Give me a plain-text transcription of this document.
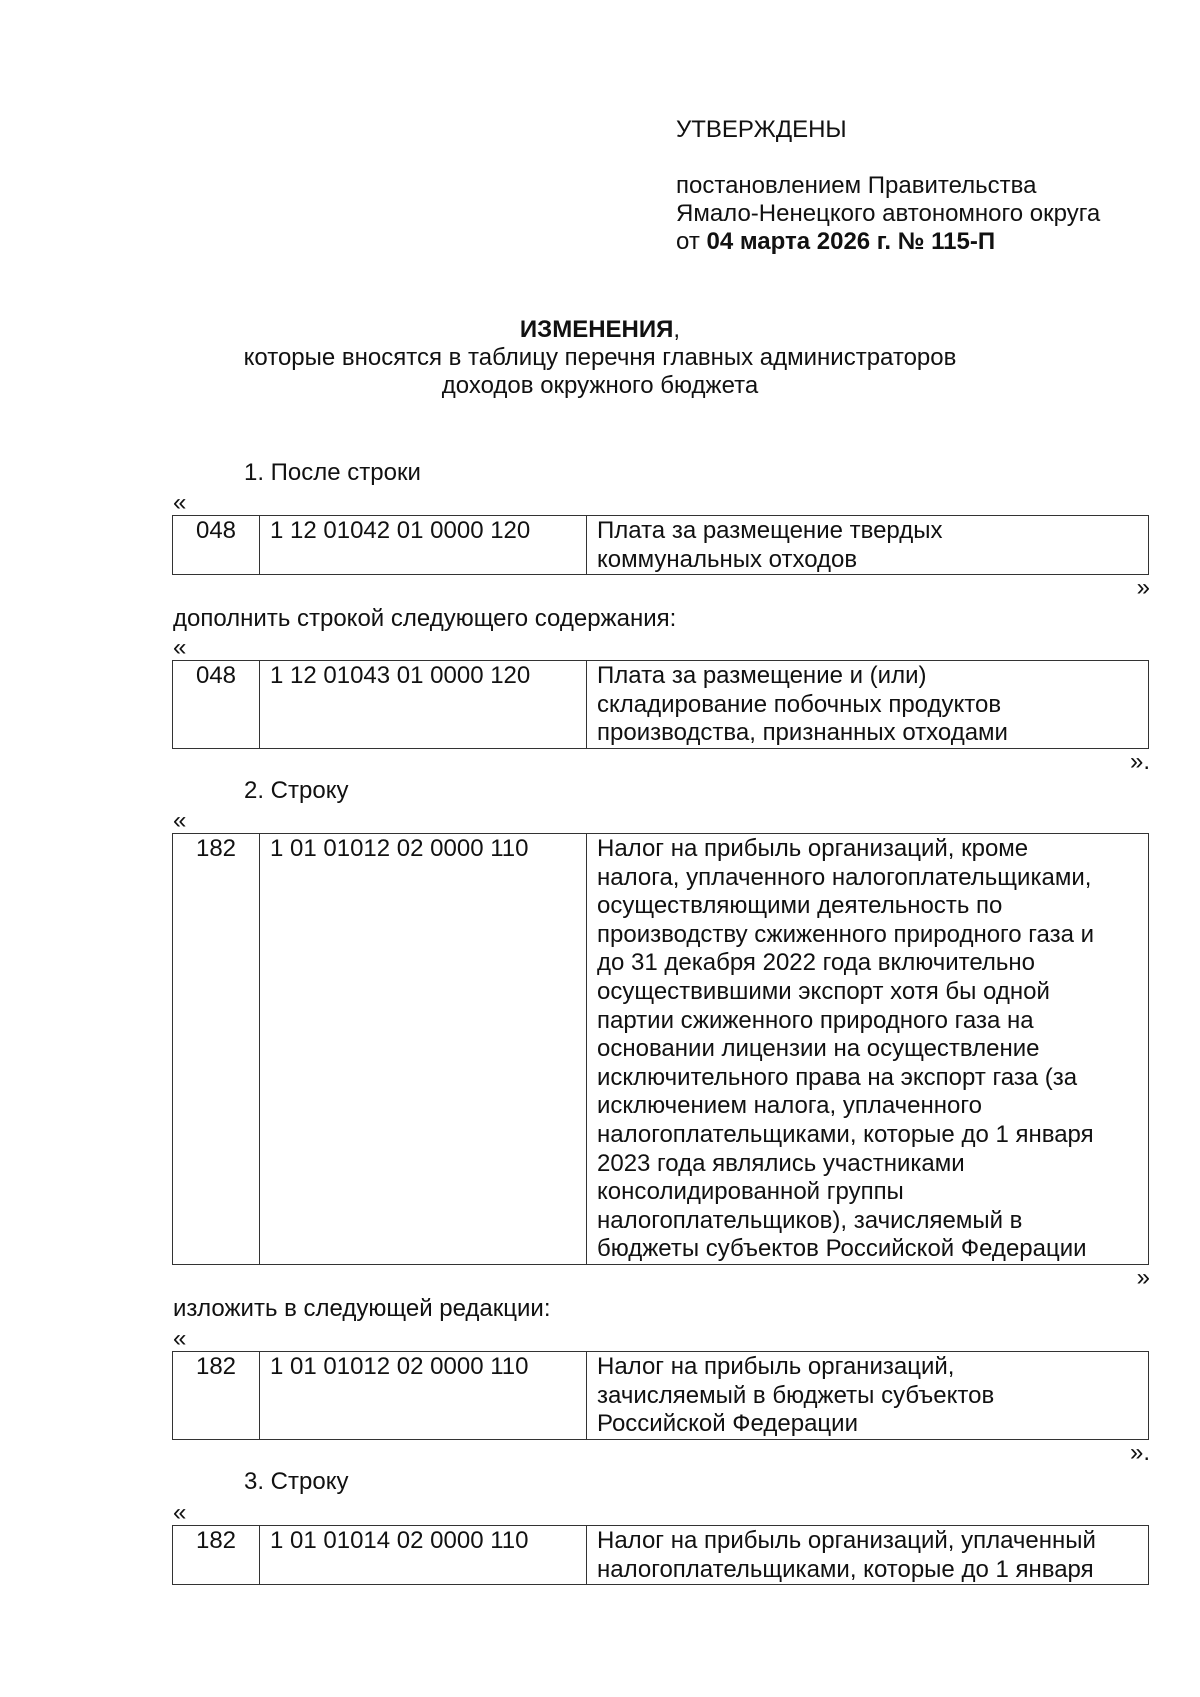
УТВЕРЖДЕНЫ
постановлением Правительства
Ямало-Ненецкого автономного округа
от 04 марта 2026 г. № 115-П
ИЗМЕНЕНИЯ,
которые вносятся в таблицу перечня главных администраторов
доходов окружного бюджета
1. После строки
«
048	1 12 01042 01 0000 120	Плата за размещение твердых
коммунальных отходов
»
дополнить строкой следующего содержания:
«
048	1 12 01043 01 0000 120	Плата за размещение и (или)
складирование побочных продуктов
производства, признанных отходами
».
2. Строку
«
182	1 01 01012 02 0000 110	Налог на прибыль организаций, кроме
налога, уплаченного налогоплательщиками,
осуществляющими деятельность по
производству сжиженного природного газа и
до 31 декабря 2022 года включительно
осуществившими экспорт хотя бы одной
партии сжиженного природного газа на
основании лицензии на осуществление
исключительного права на экспорт газа (за
исключением налога, уплаченного
налогоплательщиками, которые до 1 января
2023 года являлись участниками
консолидированной группы
налогоплательщиков), зачисляемый в
бюджеты субъектов Российской Федерации
»
изложить в следующей редакции:
«
182	1 01 01012 02 0000 110	Налог на прибыль организаций,
зачисляемый в бюджеты субъектов
Российской Федерации
».
3. Строку
«
182	1 01 01014 02 0000 110	Налог на прибыль организаций, уплаченный
налогоплательщиками, которые до 1 января
